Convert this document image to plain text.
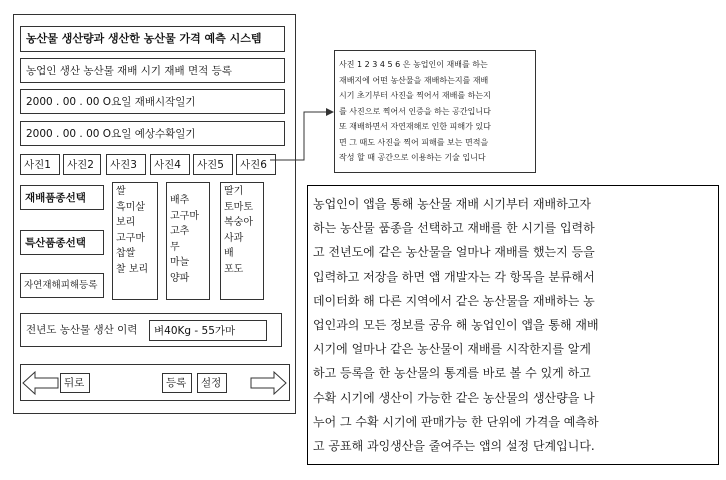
농산물 생산량과 생산한 농산물 가격 예측 시스템
농업인 생산 농산물 재배 시기 재배 면적 등록
2000 . 00 . 00 O요일 재배시작일기
2000 . 00 . 00 O요일 예상수확일기
사진1 사진2 사진3 사진4 사진5 사진6
재배품종선택
특산품종선택
자연재해피해등록
쌀
흑미살
보리
고구마
찹쌀
찰 보리
배추
고구마
고추
무
마늘
양파
딸기
토마토
복숭아
사과
배
포도
전년도 농산물 생산 이력 벼40Kg - 55가마
뒤로	등록 설정
사진 1 2 3 4 5 6 은 농업인이 재배를 하는
재배지에 어떤 농산물을 재배하는지를 재배
시기 초기부터 사진을 찍어서 재배를 하는지
를 사진으로 찍어서 인증을 하는 공간입니다
또 재배하면서 자연재해로 인한 피해가 있다
면 그 때도 사진을 찍어 피해를 보는 면적을
작성 할 때 공간으로 이용하는 기술 입니다
농업인이 앱을 통해 농산물 재배 시기부터 재배하고자
하는 농산물 품종을 선택하고 재배를 한 시기를 입력하
고 전년도에 같은 농산물을 얼마나 재배를 했는지 등을
입력하고 저장을 하면 앱 개발자는 각 항목을 분류해서
데이터화 해 다른 지역에서 같은 농산물을 재배하는 농
업인과의 모든 정보를 공유 해 농업인이 앱을 통해 재배
시기에 얼마나 같은 농산물이 재배를 시작한지를 알게
하고 등록을 한 농산물의 통계를 바로 볼 수 있게 하고
수확 시기에 생산이 가능한 같은 농산물의 생산량을 나
누어 그 수확 시기에 판매가능 한 단위에 가격을 예측하
고 공표해 과잉생산을 줄여주는 앱의 설정 단계입니다.
